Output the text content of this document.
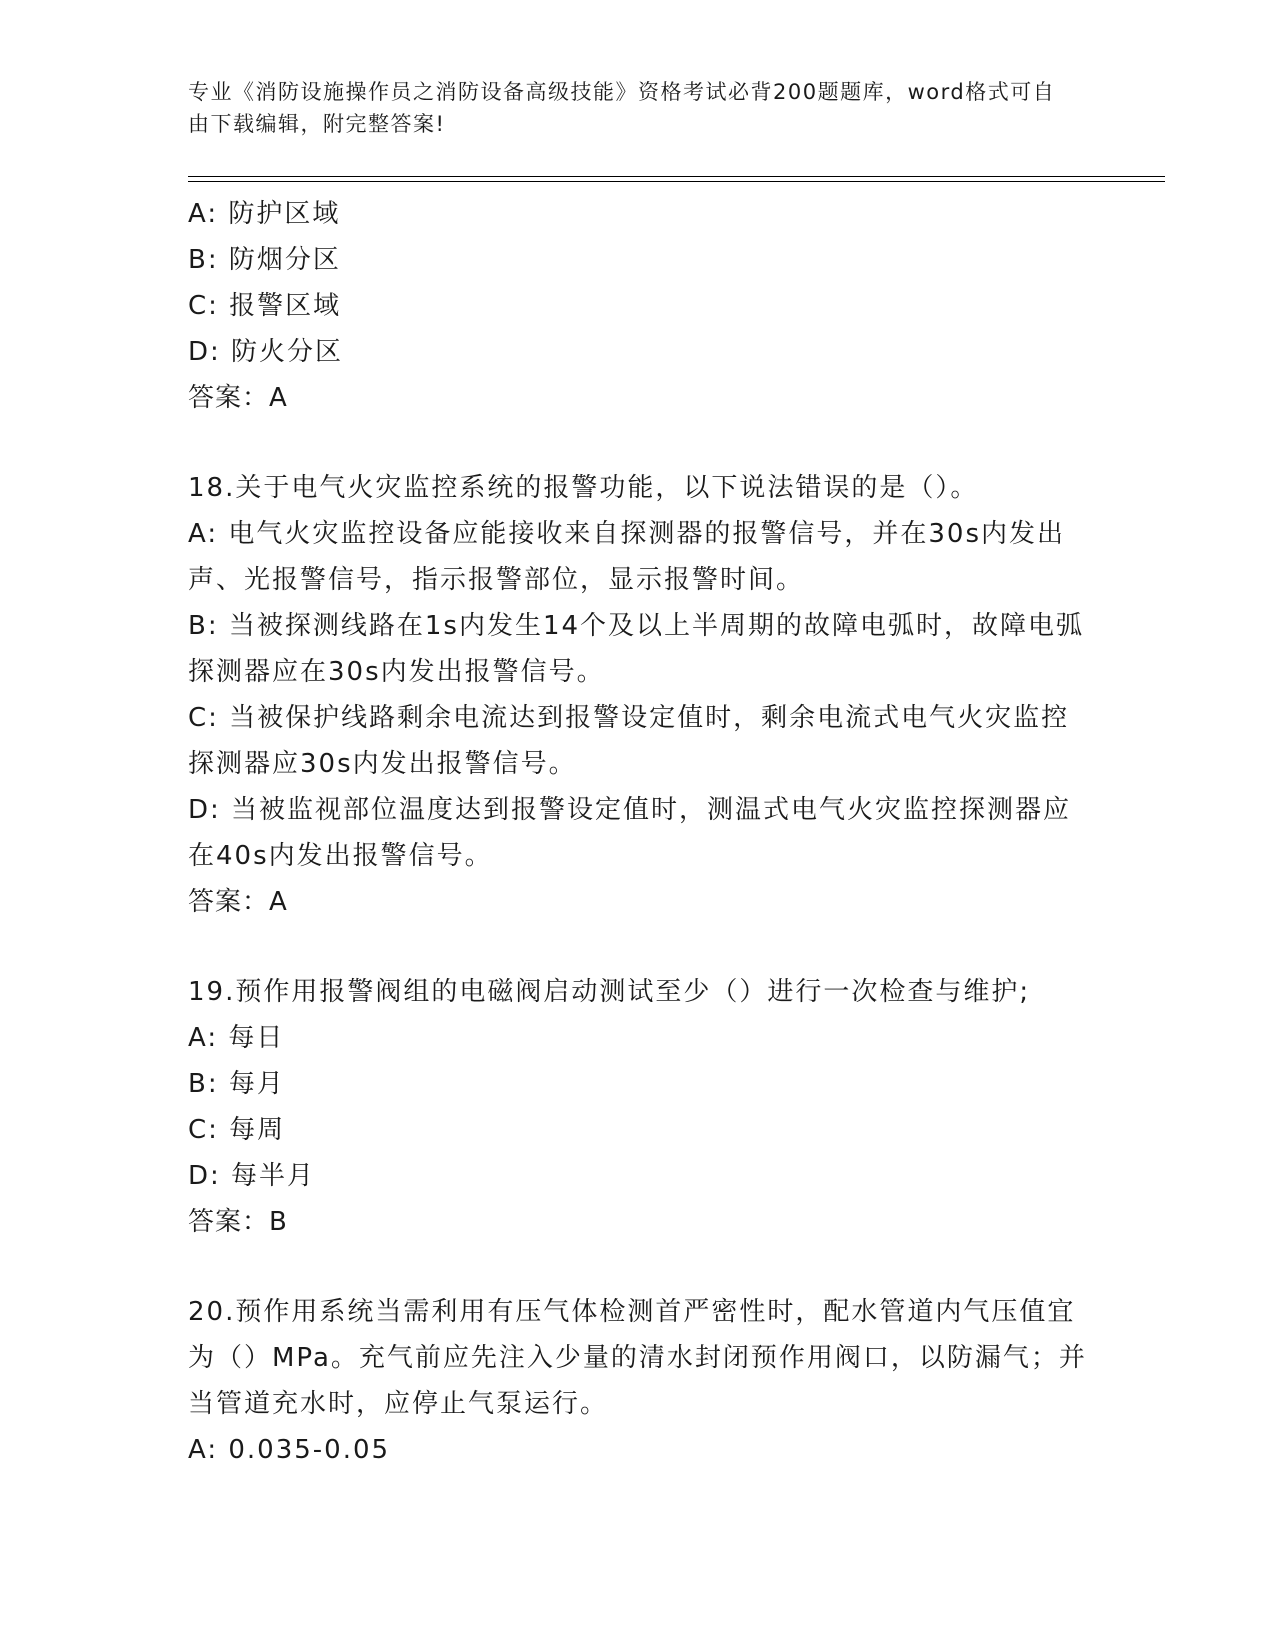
专业《消防设施操作员之消防设备高级技能》资格考试必背200题题库，word格式可自由下载编辑，附完整答案!

A: 防护区域

B: 防烟分区

C: 报警区域

D: 防火分区

答案：A

18.关于电气火灾监控系统的报警功能，以下说法错误的是（）。

A: 电气火灾监控设备应能接收来自探测器的报警信号，并在30s内发出声、光报警信号，指示报警部位，显示报警时间。

B: 当被探测线路在1s内发生14个及以上半周期的故障电弧时，故障电弧探测器应在30s内发出报警信号。

C: 当被保护线路剩余电流达到报警设定值时，剩余电流式电气火灾监控探测器应30s内发出报警信号。

D: 当被监视部位温度达到报警设定值时，测温式电气火灾监控探测器应在40s内发出报警信号。

答案：A

19.预作用报警阀组的电磁阀启动测试至少（）进行一次检查与维护;

A: 每日

B: 每月

C: 每周

D: 每半月

答案：B

20.预作用系统当需利用有压气体检测首严密性时，配水管道内气压值宜为（）MPa。充气前应先注入少量的清水封闭预作用阀口，以防漏气；并当管道充水时，应停止气泵运行。

A: 0.035-0.05
